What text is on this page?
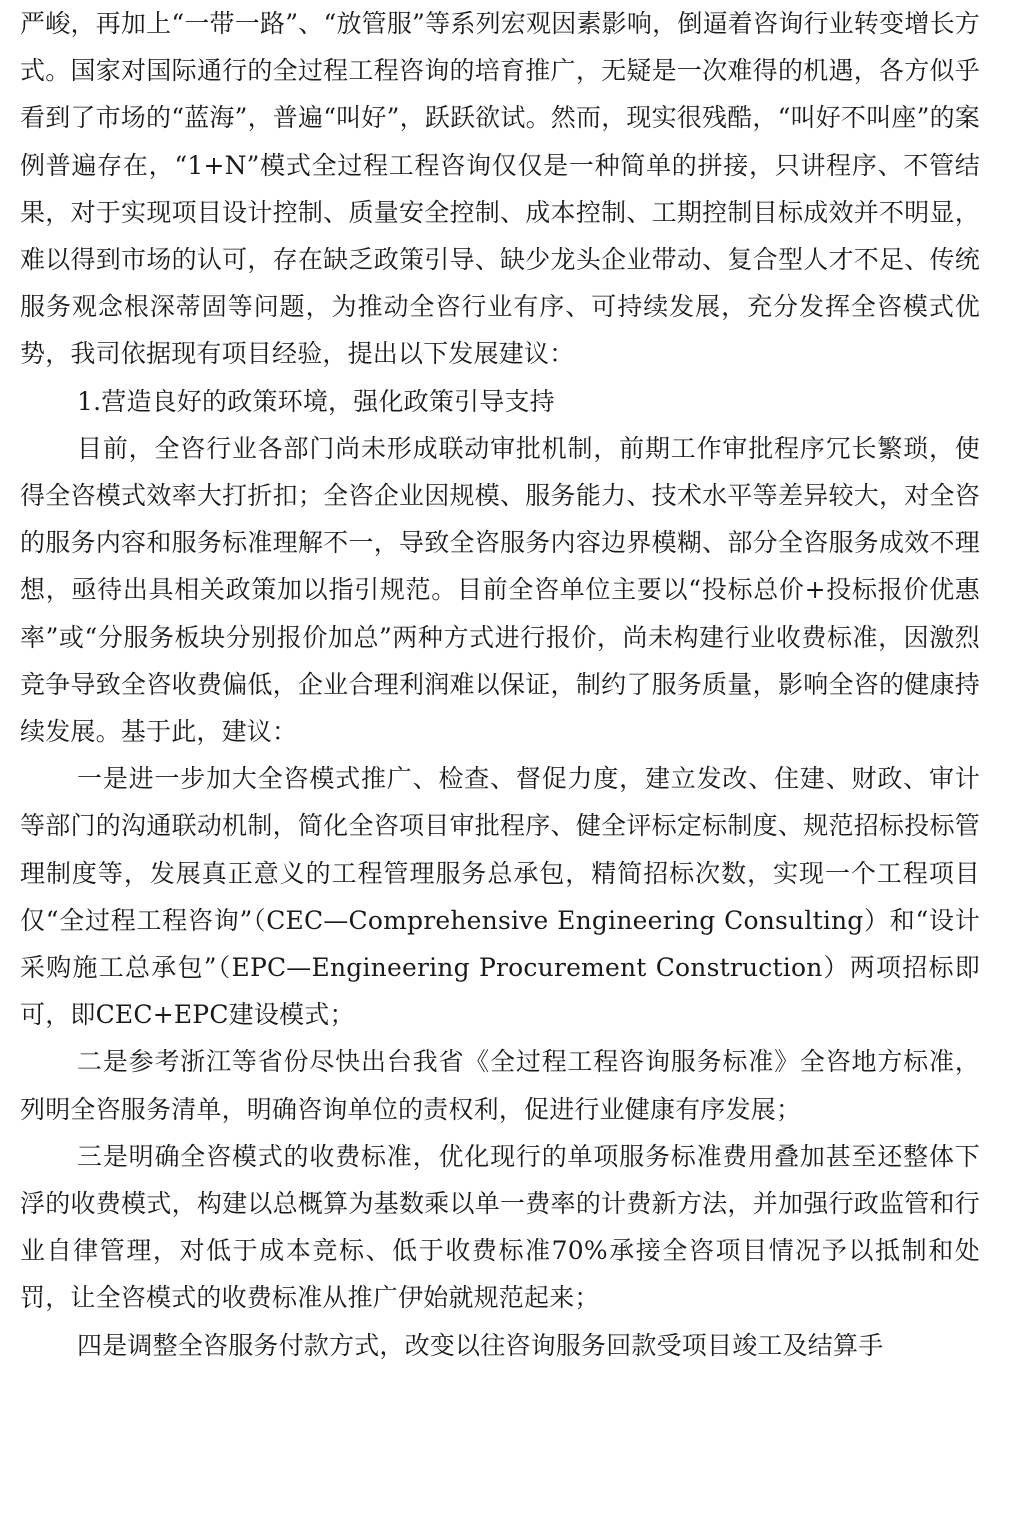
严峻，再加上“一带一路”、“放管服”等系列宏观因素影响，倒逼着咨询行业转变增长方式。国家对国际通行的全过程工程咨询的培育推广，无疑是一次难得的机遇，各方似乎看到了市场的“蓝海”，普遍“叫好”，跃跃欲试。然而，现实很残酷，“叫好不叫座”的案例普遍存在，“1+N”模式全过程工程咨询仅仅是一种简单的拼接，只讲程序、不管结果，对于实现项目设计控制、质量安全控制、成本控制、工期控制目标成效并不明显，难以得到市场的认可，存在缺乏政策引导、缺少龙头企业带动、复合型人才不足、传统服务观念根深蒂固等问题，为推动全咨行业有序、可持续发展，充分发挥全咨模式优势，我司依据现有项目经验，提出以下发展建议：

1.营造良好的政策环境，强化政策引导支持

目前，全咨行业各部门尚未形成联动审批机制，前期工作审批程序冗长繁琐，使得全咨模式效率大打折扣；全咨企业因规模、服务能力、技术水平等差异较大，对全咨的服务内容和服务标准理解不一，导致全咨服务内容边界模糊、部分全咨服务成效不理想，亟待出具相关政策加以指引规范。目前全咨单位主要以“投标总价+投标报价优惠率”或“分服务板块分别报价加总”两种方式进行报价，尚未构建行业收费标准，因激烈竞争导致全咨收费偏低，企业合理利润难以保证，制约了服务质量，影响全咨的健康持续发展。基于此，建议：

一是进一步加大全咨模式推广、检查、督促力度，建立发改、住建、财政、审计等部门的沟通联动机制，简化全咨项目审批程序、健全评标定标制度、规范招标投标管理制度等，发展真正意义的工程管理服务总承包，精简招标次数，实现一个工程项目仅“全过程工程咨询”（CEC—Comprehensive Engineering Consulting）和“设计采购施工总承包”（EPC—Engineering Procurement Construction）两项招标即可，即CEC+EPC建设模式；

二是参考浙江等省份尽快出台我省《全过程工程咨询服务标准》全咨地方标准，列明全咨服务清单，明确咨询单位的责权利，促进行业健康有序发展；

三是明确全咨模式的收费标准，优化现行的单项服务标准费用叠加甚至还整体下浮的收费模式，构建以总概算为基数乘以单一费率的计费新方法，并加强行政监管和行业自律管理，对低于成本竞标、低于收费标准70%承接全咨项目情况予以抵制和处罚，让全咨模式的收费标准从推广伊始就规范起来；

四是调整全咨服务付款方式，改变以往咨询服务回款受项目竣工及结算手
